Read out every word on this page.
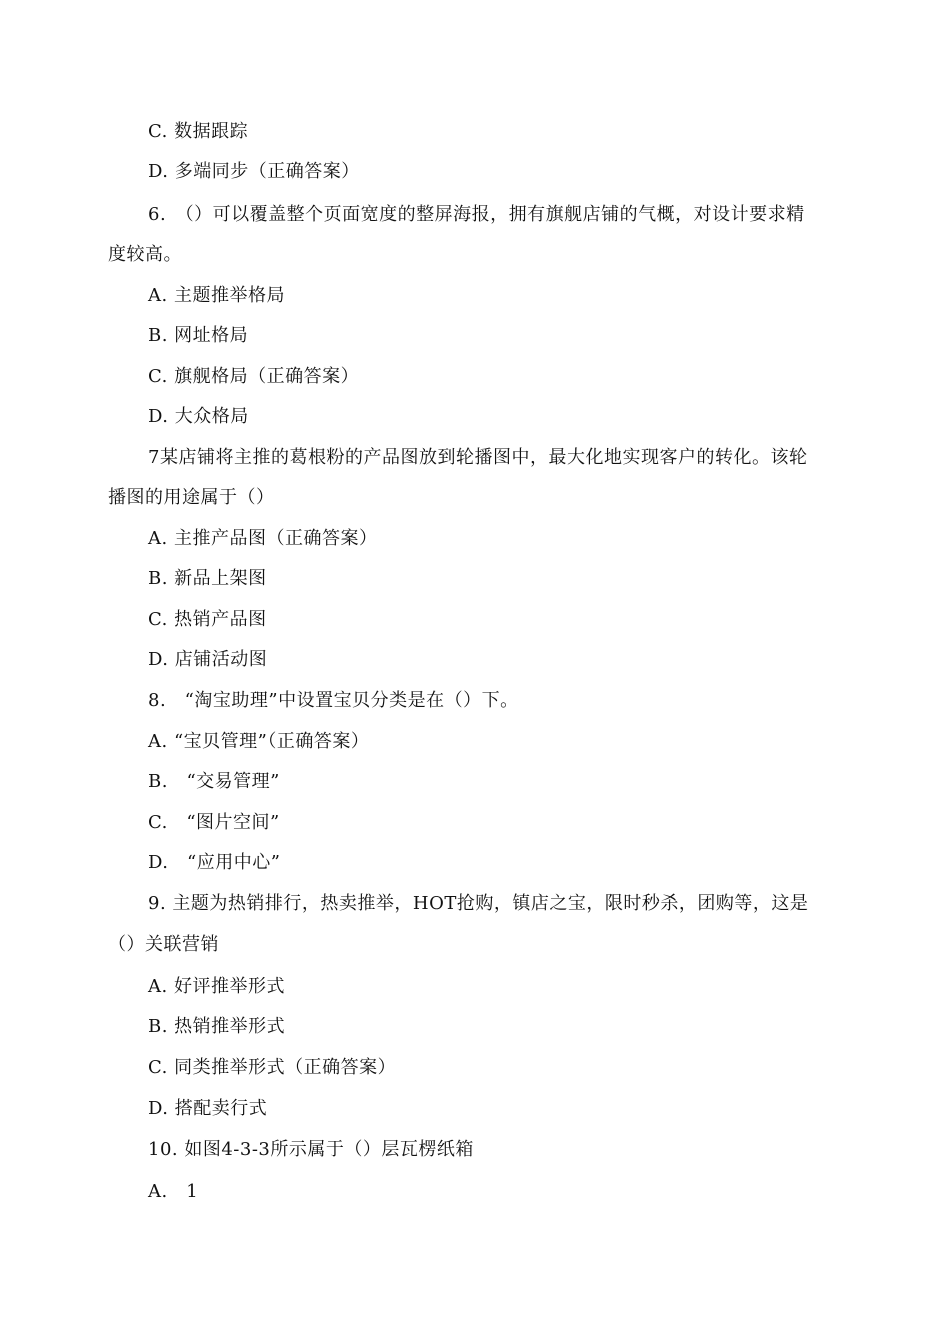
C. 数据跟踪
D. 多端同步（正确答案）
6.　（）可以覆盖整个页面宽度的整屏海报，拥有旗舰店铺的气概，对设计要求精
度较高。
A. 主题推举格局
B. 网址格局
C. 旗舰格局（正确答案）
D. 大众格局
7某店铺将主推的葛根粉的产品图放到轮播图中，最大化地实现客户的转化。该轮
播图的用途属于（）
A. 主推产品图（正确答案）
B. 新品上架图
C. 热销产品图
D. 店铺活动图
8.　“淘宝助理”中设置宝贝分类是在（）下。
A. “宝贝管理”（正确答案）
B.　“交易管理”
C.　“图片空间”
D.　“应用中心”
9. 主题为热销排行，热卖推举，HOT抢购，镇店之宝，限时秒杀，团购等，这是
（）关联营销
A. 好评推举形式
B. 热销推举形式
C. 同类推举形式（正确答案）
D. 搭配卖行式
10. 如图4-3-3所示属于（）层瓦楞纸箱
A.　1
